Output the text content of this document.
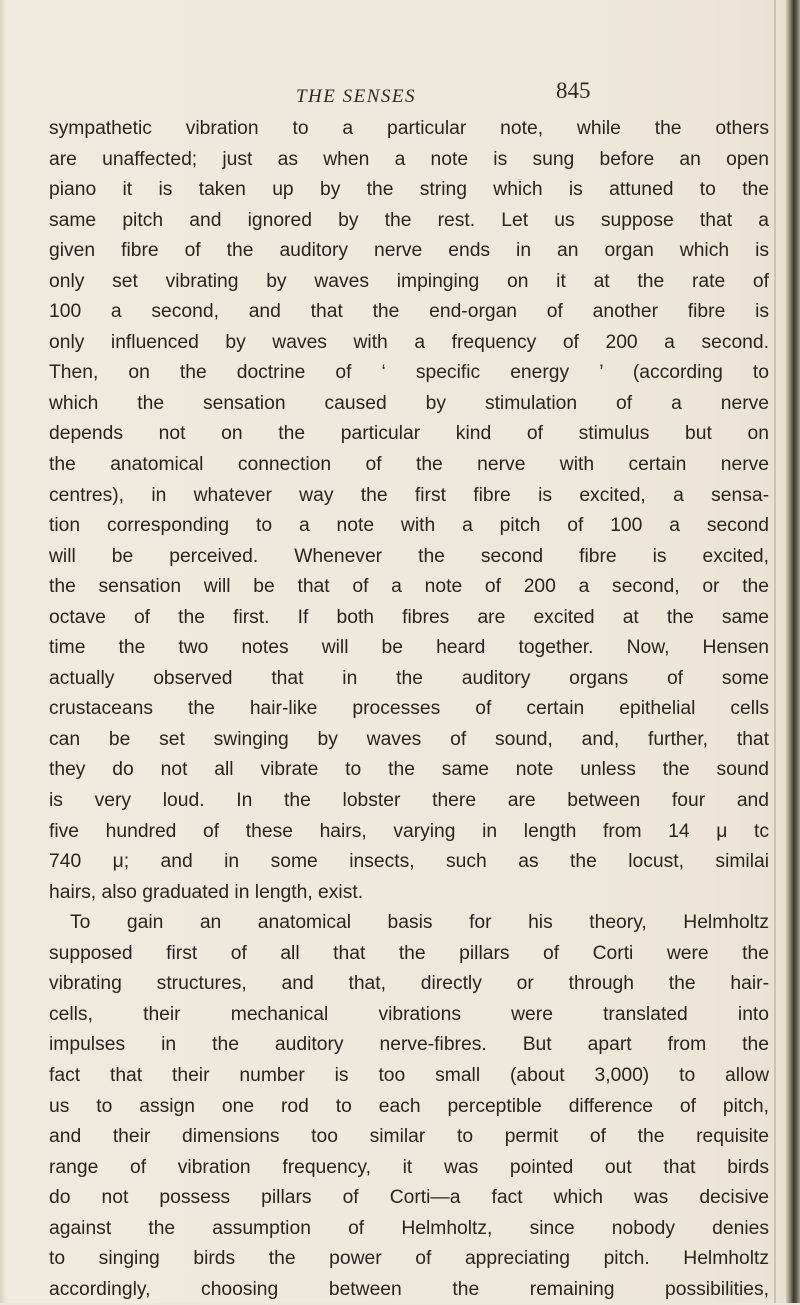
THE SENSES	845
sympathetic vibration to a particular note, while the others
are unaffected; just as when a note is sung before an open
piano it is taken up by the string which is attuned to the
same pitch and ignored by the rest. Let us suppose that a
given fibre of the auditory nerve ends in an organ which is
only set vibrating by waves impinging on it at the rate of
100 a second, and that the end-organ of another fibre is
only influenced by waves with a frequency of 200 a second.
Then, on the doctrine of ‘ specific energy ’ (according to
which the sensation caused by stimulation of a nerve
depends not on the particular kind of stimulus but on
the anatomical connection of the nerve with certain nerve
centres), in whatever way the first fibre is excited, a sensa-
tion corresponding to a note with a pitch of 100 a second
will be perceived. Whenever the second fibre is excited,
the sensation will be that of a note of 200 a second, or the
octave of the first. If both fibres are excited at the same
time the two notes will be heard together. Now, Hensen
actually observed that in the auditory organs of some
crustaceans the hair-like processes of certain epithelial cells
can be set swinging by waves of sound, and, further, that
they do not all vibrate to the same note unless the sound
is very loud. In the lobster there are between four and
five hundred of these hairs, varying in length from 14 μ tc
740 μ; and in some insects, such as the locust, similai
hairs, also graduated in length, exist.
To gain an anatomical basis for his theory, Helmholtz
supposed first of all that the pillars of Corti were the
vibrating structures, and that, directly or through the hair-
cells, their mechanical vibrations were translated into
impulses in the auditory nerve-fibres. But apart from the
fact that their number is too small (about 3,000) to allow
us to assign one rod to each perceptible difference of pitch,
and their dimensions too similar to permit of the requisite
range of vibration frequency, it was pointed out that birds
do not possess pillars of Corti—a fact which was decisive
against the assumption of Helmholtz, since nobody denies
to singing birds the power of appreciating pitch. Helmholtz
accordingly, choosing between the remaining possibilities,
